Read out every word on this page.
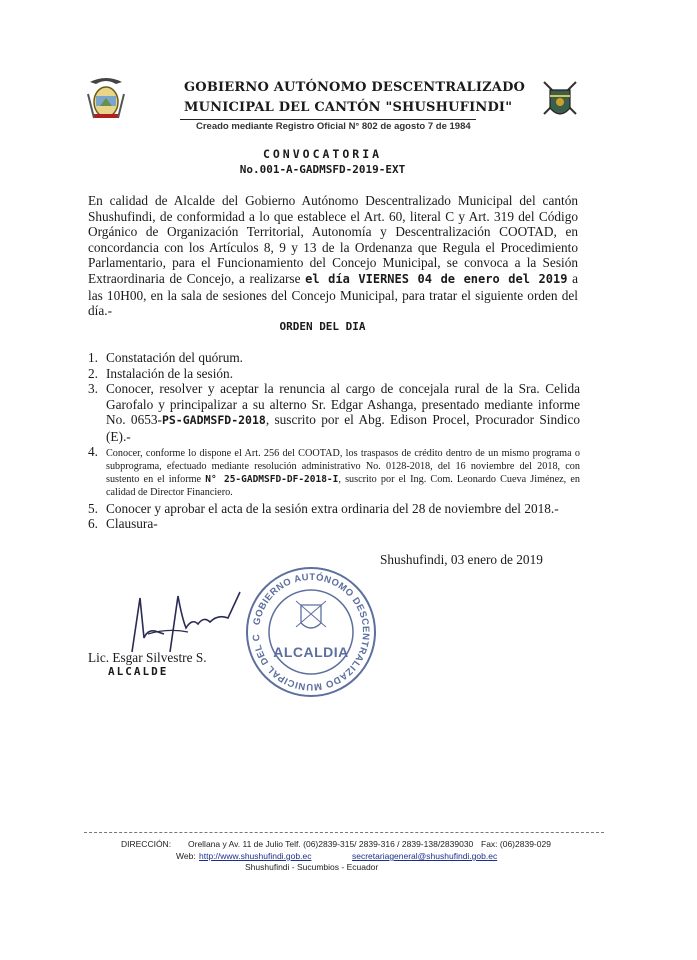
GOBIERNO AUTÓNOMO DESCENTRALIZADO
MUNICIPAL DEL CANTÓN "SHUSHUFINDI"
Creado mediante Registro Oficial N° 802 de agosto 7 de 1984
CONVOCATORIA
No.001-A-GADMSFD-2019-EXT

En calidad de Alcalde del Gobierno Autónomo Descentralizado Municipal del cantón Shushufindi, de conformidad a lo que establece el Art. 60, literal C y Art. 319 del Código Orgánico de Organización Territorial, Autonomía y Descentralización COOTAD, en concordancia con los Artículos 8, 9 y 13 de la Ordenanza que Regula el Procedimiento Parlamentario, para el Funcionamiento del Concejo Municipal, se convoca a la Sesión Extraordinaria de Concejo, a realizarse el día VIERNES 04 de enero del 2019 a las 10H00, en la sala de sesiones del Concejo Municipal, para tratar el siguiente orden del día.-

ORDEN DEL DIA
1. Constatación del quórum.
2. Instalación de la sesión.
3. Conocer, resolver y aceptar la renuncia al cargo de concejala rural de la Sra. Celida Garofalo y principalizar a su alterno Sr. Edgar Ashanga, presentado mediante informe No. 0653-PS-GADMSFD-2018, suscrito por el Abg. Edison Procel, Procurador Sindico (E).-
4. Conocer, conforme lo dispone el Art. 256 del COOTAD, los traspasos de crédito dentro de un mismo programa o subprograma, efectuado mediante resolución administrativo No. 0128-2018, del 16 noviembre del 2018, con sustento en el informe N° 25-GADMSFD-DF-2018-I, suscrito por el Ing. Com. Leonardo Cueva Jiménez, en calidad de Director Financiero.
5. Conocer y aprobar el acta de la sesión extra ordinaria del 28 de noviembre del 2018.-
6. Clausura-
Shushufindi, 03 enero de 2019
Lic. Esgar Silvestre S.
ALCALDE
GOBIERNO AUTÓNOMO DESCENTRALIZADO MUNICIPAL DEL C
ALCALDIA
DIRECCIÓN: Orellana y Av. 11 de Julio Telf. (06)2839-315/ 2839-316 / 2839-138/2839030 Fax: (06)2839-029
Web: http://www.shushufindi.gob.ec	secretariageneral@shushufindi.gob.ec
Shushufindi - Sucumbios - Ecuador
